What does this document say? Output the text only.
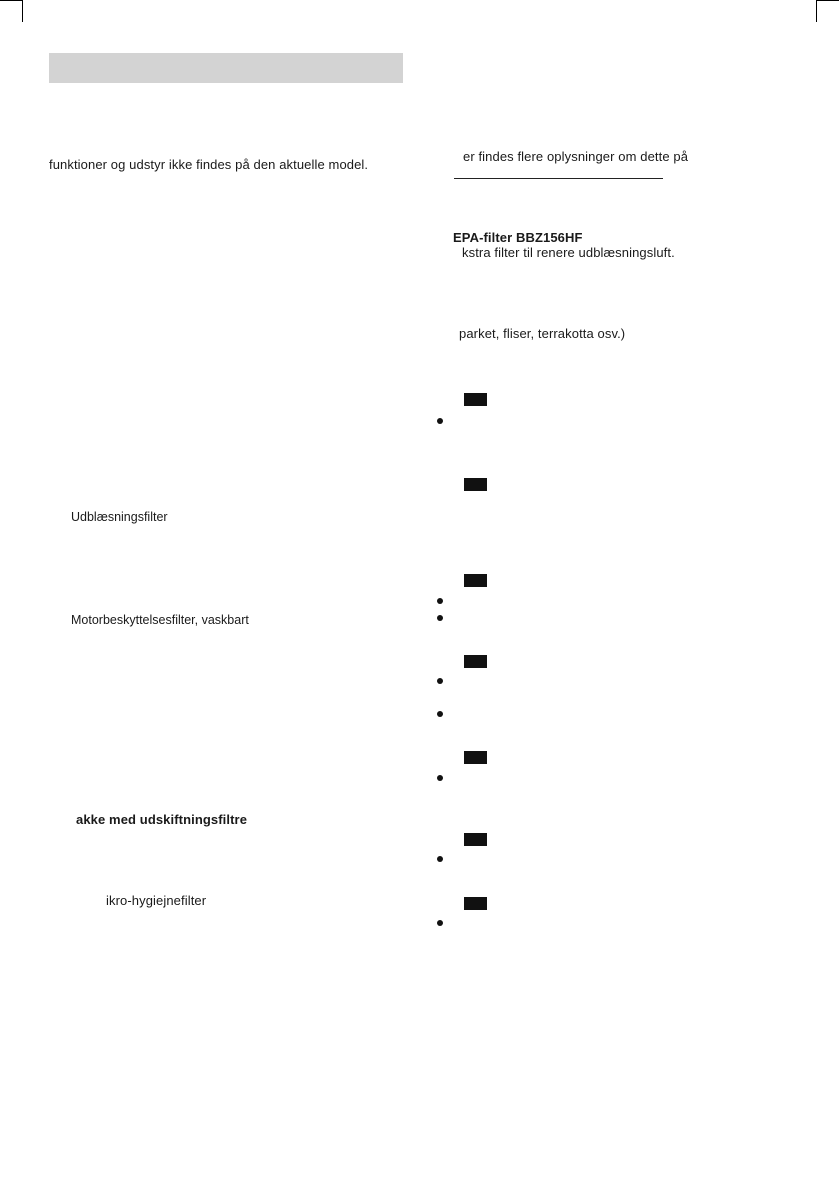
funktioner og udstyr ikke findes på den aktuelle model.
Udblæsningsfilter
Motorbeskyttelsesfilter, vaskbart
akke med udskiftningsfiltre
ikro-hygiejnefilter
er findes flere oplysninger om dette på
EPA-filter BBZ156HF
kstra filter til renere udblæsningsluft.
parket, fliser, terrakotta osv.)
